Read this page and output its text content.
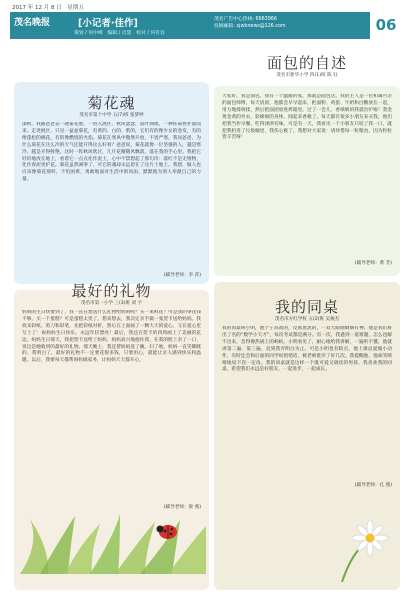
2017 年 12 月 8 日　星期五
茂名晚报	[小记者·佳作]
策划 / 何中峰　编辑 / 皮慧　校对 / 何有容
茂名广告中心热线: 6663966
投稿邮箱: xjwbnews@126.com	06
菊花魂
茂名市第十中学 五(7)班 张梦婷
深秋，我随爸爸去一趟菊花展，一进入展区，秋风瑟瑟，落叶满地，一种阵菊香扑面而来。走进展区，只见一盆盆菊花，有黄的、白的、紫的，它们有的像少女的卷发，有的像蓬松的棉花，有的像燃烧的火焰。菊花在寒风中傲然开放，不畏严寒。我问爸爸，为什么菊花在这么冷的天气还能开得这么好看？爸爸说，菊花就像一位坚强的人，越是寒冷，越是开得鲜艳。这时一阵秋风吹过，几片花瓣随风飘落，落在我的手心里。我把它轻轻地放在地上，看着它一点点化作泥土，心中不禁想起了那句诗：落红不是无情物，化作春泥更护花。菊花虽然凋零了，可它的魂却永远留在了这片土地上。我想，做人也应该像菊花那样，不怕困难，勇敢地面对生活中的风雨，默默地为别人奉献自己的力量。
(辅导老师：李 萍)
面包的自述
茂名市新华小学 四(1)班 陈 钰
大家好，我是面包，我有一个温暖的家，那就是面包店。我的主人是一位和蔼可亲的面包师傅，每天清晨，他都会早早起床，把面粉、鸡蛋、牛奶和白糖放在一起，用力地揉呀揉，然后把面团放进烤箱里。过了一会儿，香喷喷的我就出炉啦！我金黄金黄的外衣，软绵绵的身体，闻起来香极了。每天都有很多小朋友来买我，他们把我当作早餐，吃得津津有味。可是有一天，我看见一个小朋友只咬了我一口，就把我扔进了垃圾桶里，我伤心极了。我想对大家说：请珍惜每一粒粮食，因为粒粒皆辛苦呀！
(辅导老师：黄 芳)
最好的礼物
茂名市第一小学 三(3)班 刘 宇
妈妈的生日快要到了，我一直在想送什么礼物给妈妈呢？买一束鲜花？可是我的零花钱不够。买一个蛋糕？可是蛋糕太贵了。想来想去，我决定亲手做一张贺卡送给妈妈。我找来彩纸、剪刀和彩笔，先把彩纸对折，然后在上面画了一颗大大的爱心，又在爱心里写上了：祝妈妈生日快乐，永远年轻漂亮！最后，我还在贺卡的四周画上了美丽的花边。妈妈生日那天，我把贺卡送给了妈妈，妈妈高兴地抱住我，在我的脸上亲了一口，说这是她收到的最好的礼物。那天晚上，我还帮妈妈洗了碗、扫了地，妈妈一直笑眯眯的。我明白了，最好的礼物不一定要花很多钱，只要用心，就能让亲人感到快乐和温暖。以后，我要每天都帮妈妈做家务，让妈妈天天都开心。
(辅导老师：梁 燕)
我的同桌
茂名市方红学校 五(2)班 吴俊杰
我的同桌叫小明，他个子高高的，皮肤黑黑的，一双大眼睛炯炯有神。他是我们班出了名的“数学小天才”，每次考试都是满分。有一次，我遇到一道难题，怎么也解不出来，急得像热锅上的蚂蚁。小明看见了，耐心地给我讲解，一遍听不懂，他就讲第二遍、第三遍，直到我弄明白为止。可是小明也有缺点，他上课总爱做小动作，有时还会和后面的同学说悄悄话，被老师批评了好几次。我提醒他，他却笑嘻嘻地说下次一定改。我的同桌就是这样一个既可爱又调皮的男孩，我喜欢我的同桌，希望我们永远是好朋友，一起进步，一起成长。
(辅导老师：孔 燕)
